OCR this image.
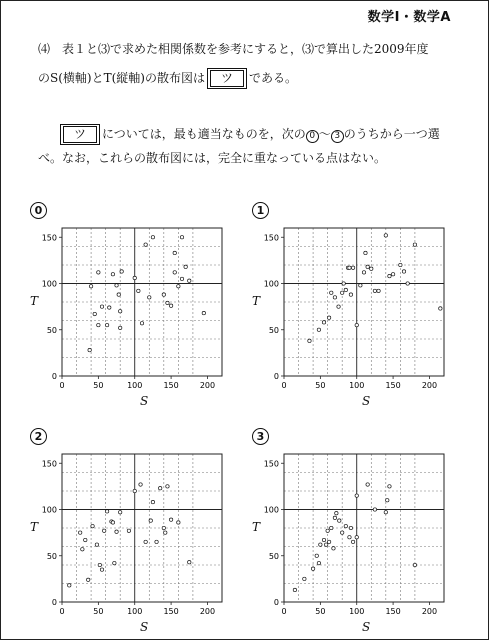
数学Ⅰ・数学A
⑷　表１と⑶で求めた相関係数を参考にすると，⑶で算出した2009年度
のS(横軸)とT(縦軸)の散布図は ツ である。
ツ については，最も適当なものを，次の 0 ～ 3 のうちから一つ選
べ。なお，これらの散布図には，完全に重なっている点はない。
0	1
2	3
0	50	100	150	200
0
50
100
150
0	50	100	150	200
0
50
100
150
0	50	100	150	200
0
50
100
150
0	50	100	150	200
0
50
100
150
T
S
T
S
T
S
T
S
